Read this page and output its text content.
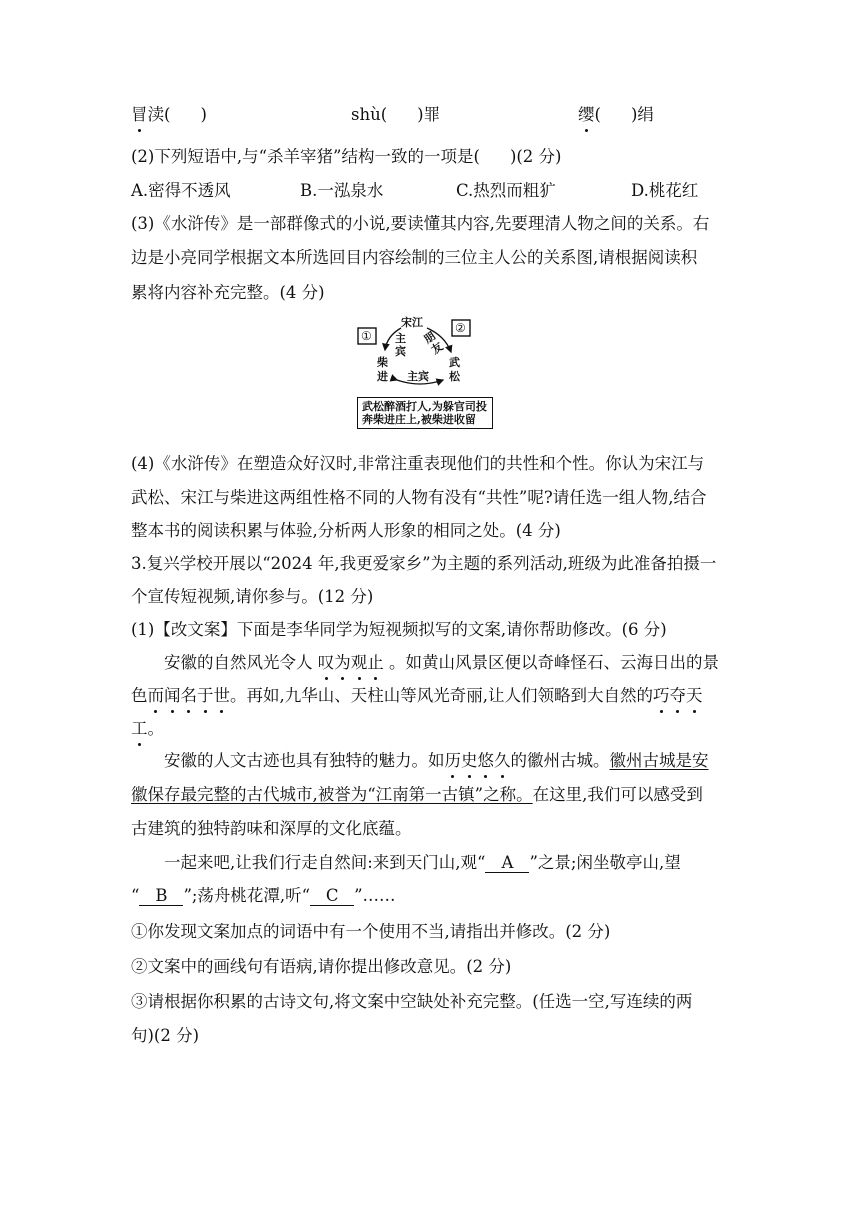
冒渎( )	shù( )罪	缨( )绢
(2)下列短语中,与“杀羊宰猪”结构一致的一项是( )(2 分)
A.密得不透风	B.一泓泉水	C.热烈而粗犷	D.桃花红
(3)《水浒传》是一部群像式的小说,要读懂其内容,先要理清人物之间的关系。右
边是小亮同学根据文本所选回目内容绘制的三位主人公的关系图,请根据阅读积
累将内容补充完整。(4 分)
①
②
宋江
主宾
朋友
柴进
武松
主宾
武松醉酒打人,为躲官司投
奔柴进庄上,被柴进收留
(4)《水浒传》在塑造众好汉时,非常注重表现他们的共性和个性。你认为宋江与
武松、宋江与柴进这两组性格不同的人物有没有“共性”呢?请任选一组人物,结合
整本书的阅读积累与体验,分析两人形象的相同之处。(4 分)
3.复兴学校开展以“2024 年,我更爱家乡”为主题的系列活动,班级为此准备拍摄一
个宣传短视频,请你参与。(12 分)
(1)【改文案】下面是李华同学为短视频拟写的文案,请你帮助修改。(6 分)
安徽的自然风光令人 叹为观止 。如黄山风景区便以奇峰怪石、云海日出的景
色而闻名于世。再如,九华山、天柱山等风光奇丽,让人们领略到大自然的巧夺天
工。
安徽的人文古迹也具有独特的魅力。如历史悠久的徽州古城。徽州古城是安
徽保存最完整的古代城市,被誉为“江南第一古镇”之称。在这里,我们可以感受到
古建筑的独特韵味和深厚的文化底蕴。
一起来吧,让我们行走自然间:来到天门山,观“ A ”之景;闲坐敬亭山,望
“ B ”;荡舟桃花潭,听“ C ”……
①你发现文案加点的词语中有一个使用不当,请指出并修改。(2 分)
②文案中的画线句有语病,请你提出修改意见。(2 分)
③请根据你积累的古诗文句,将文案中空缺处补充完整。(任选一空,写连续的两
句)(2 分)
